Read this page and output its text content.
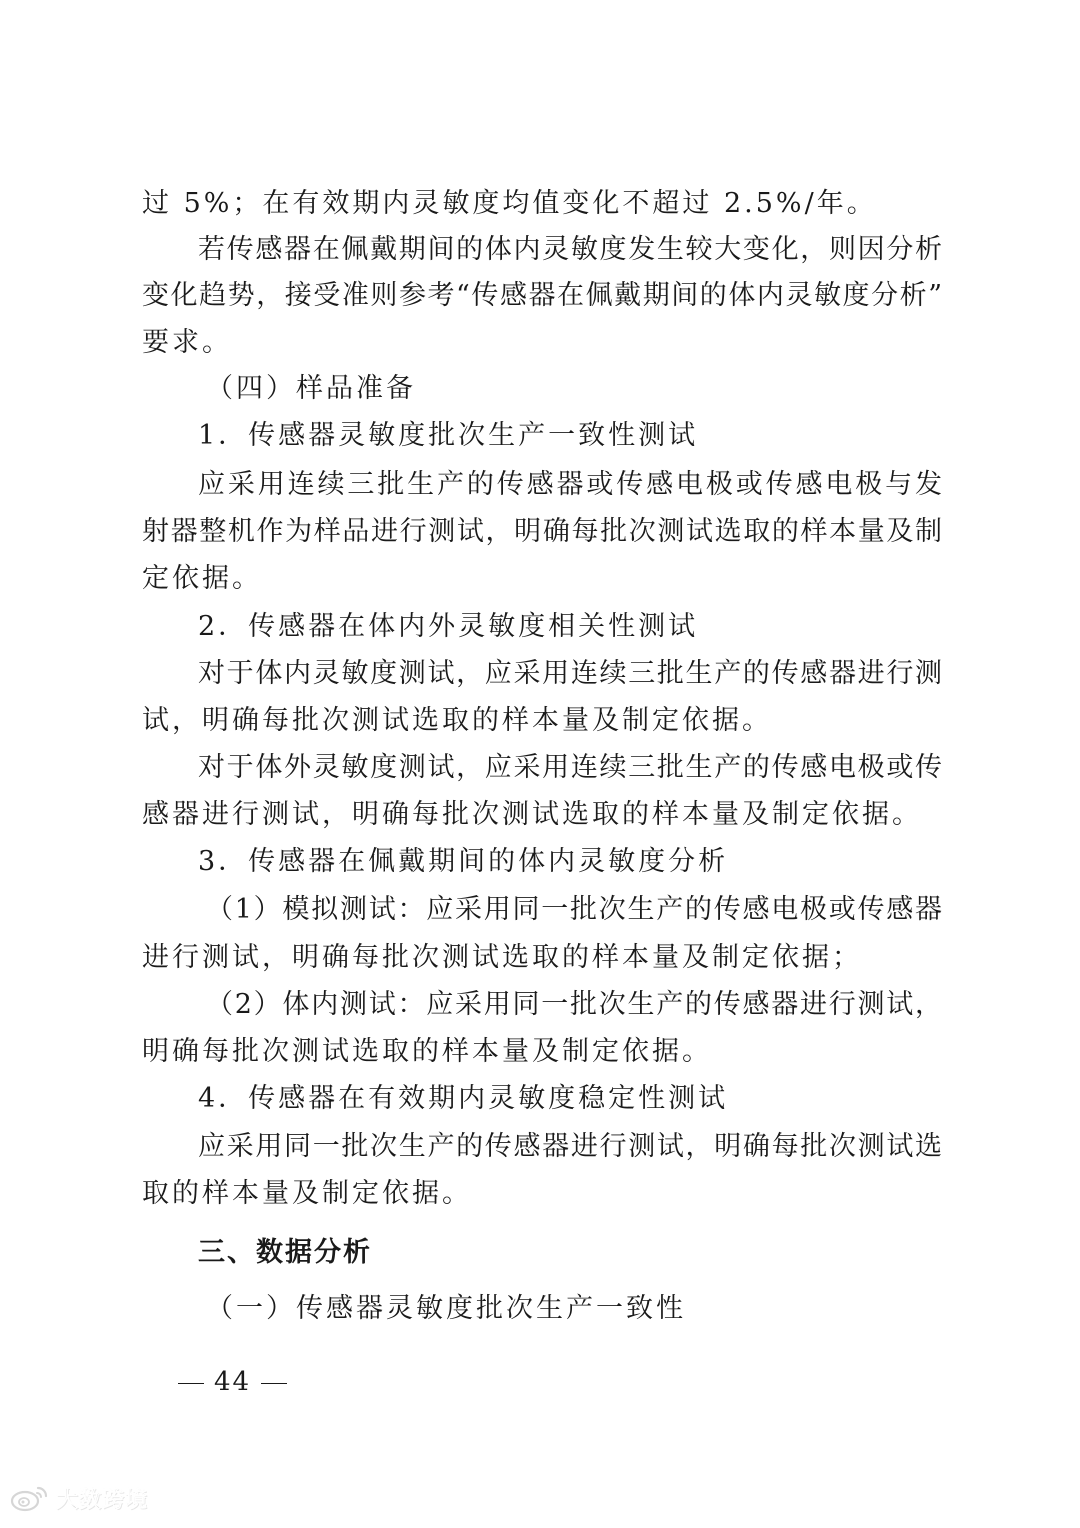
过 5%；在有效期内灵敏度均值变化不超过 2.5%/年。
若传感器在佩戴期间的体内灵敏度发生较大变化，则因分析
变化趋势，接受准则参考“传感器在佩戴期间的体内灵敏度分析”
要求。
（四）样品准备
1．传感器灵敏度批次生产一致性测试
应采用连续三批生产的传感器或传感电极或传感电极与发
射器整机作为样品进行测试，明确每批次测试选取的样本量及制
定依据。
2．传感器在体内外灵敏度相关性测试
对于体内灵敏度测试，应采用连续三批生产的传感器进行测
试，明确每批次测试选取的样本量及制定依据。
对于体外灵敏度测试，应采用连续三批生产的传感电极或传
感器进行测试，明确每批次测试选取的样本量及制定依据。
3．传感器在佩戴期间的体内灵敏度分析
（1）模拟测试：应采用同一批次生产的传感电极或传感器
进行测试，明确每批次测试选取的样本量及制定依据；
（2）体内测试：应采用同一批次生产的传感器进行测试，
明确每批次测试选取的样本量及制定依据。
4．传感器在有效期内灵敏度稳定性测试
应采用同一批次生产的传感器进行测试，明确每批次测试选
取的样本量及制定依据。
三、数据分析
（一）传感器灵敏度批次生产一致性
44
大数跨境
